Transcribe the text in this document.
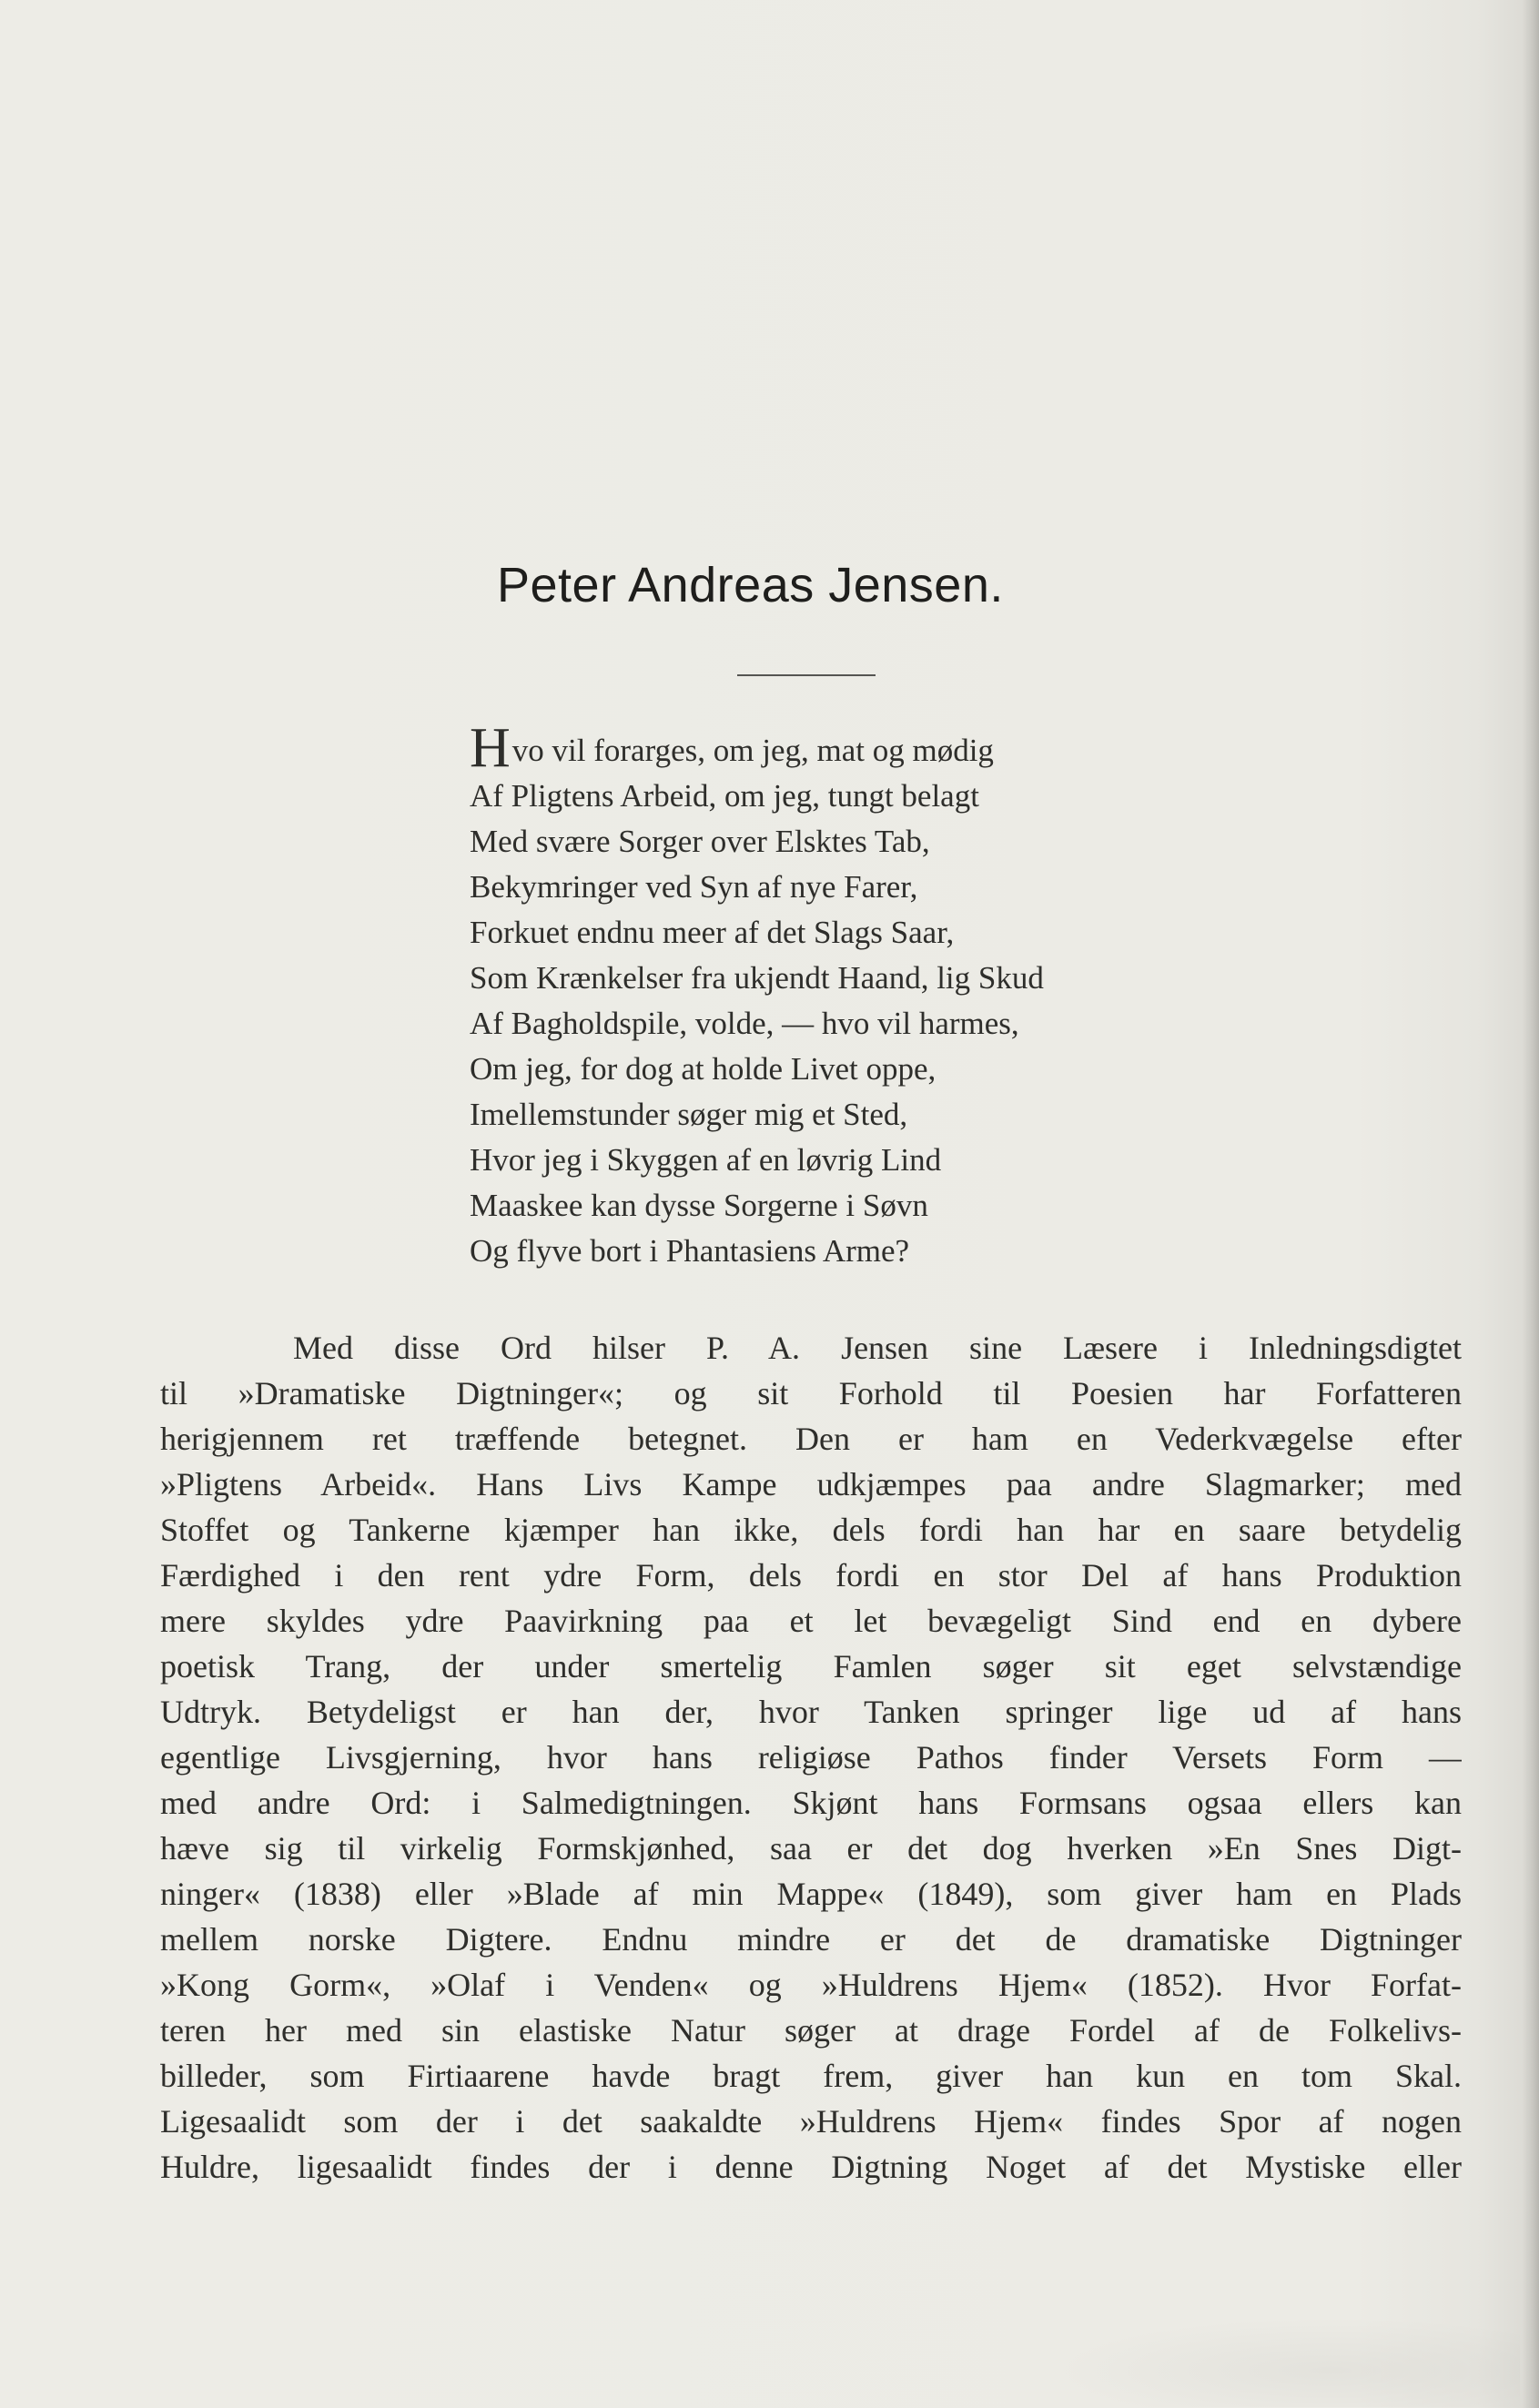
Peter Andreas Jensen.
Hvo vil forarges, om jeg, mat og mødig
Af Pligtens Arbeid, om jeg, tungt belagt
Med svære Sorger over Elsktes Tab,
Bekymringer ved Syn af nye Farer,
Forkuet endnu meer af det Slags Saar,
Som Krænkelser fra ukjendt Haand, lig Skud
Af Bagholdspile, volde, — hvo vil harmes,
Om jeg, for dog at holde Livet oppe,
Imellemstunder søger mig et Sted,
Hvor jeg i Skyggen af en løvrig Lind
Maaskee kan dysse Sorgerne i Søvn
Og flyve bort i Phantasiens Arme?
Med disse Ord hilser P. A. Jensen sine Læsere i Inledningsdigtet
til »Dramatiske Digtninger«; og sit Forhold til Poesien har Forfatteren
herigjennem ret træffende betegnet. Den er ham en Vederkvægelse efter
»Pligtens Arbeid«. Hans Livs Kampe udkjæmpes paa andre Slagmarker; med
Stoffet og Tankerne kjæmper han ikke, dels fordi han har en saare betydelig
Færdighed i den rent ydre Form, dels fordi en stor Del af hans Produktion
mere skyldes ydre Paavirkning paa et let bevægeligt Sind end en dybere
poetisk Trang, der under smertelig Famlen søger sit eget selvstændige
Udtryk. Betydeligst er han der, hvor Tanken springer lige ud af hans
egentlige Livsgjerning, hvor hans religiøse Pathos finder Versets Form —
med andre Ord: i Salmedigtningen. Skjønt hans Formsans ogsaa ellers kan
hæve sig til virkelig Formskjønhed, saa er det dog hverken »En Snes Digt-
ninger« (1838) eller »Blade af min Mappe« (1849), som giver ham en Plads
mellem norske Digtere. Endnu mindre er det de dramatiske Digtninger
»Kong Gorm«, »Olaf i Venden« og »Huldrens Hjem« (1852). Hvor Forfat-
teren her med sin elastiske Natur søger at drage Fordel af de Folkelivs-
billeder, som Firtiaarene havde bragt frem, giver han kun en tom Skal.
Ligesaalidt som der i det saakaldte »Huldrens Hjem« findes Spor af nogen
Huldre, ligesaalidt findes der i denne Digtning Noget af det Mystiske eller
